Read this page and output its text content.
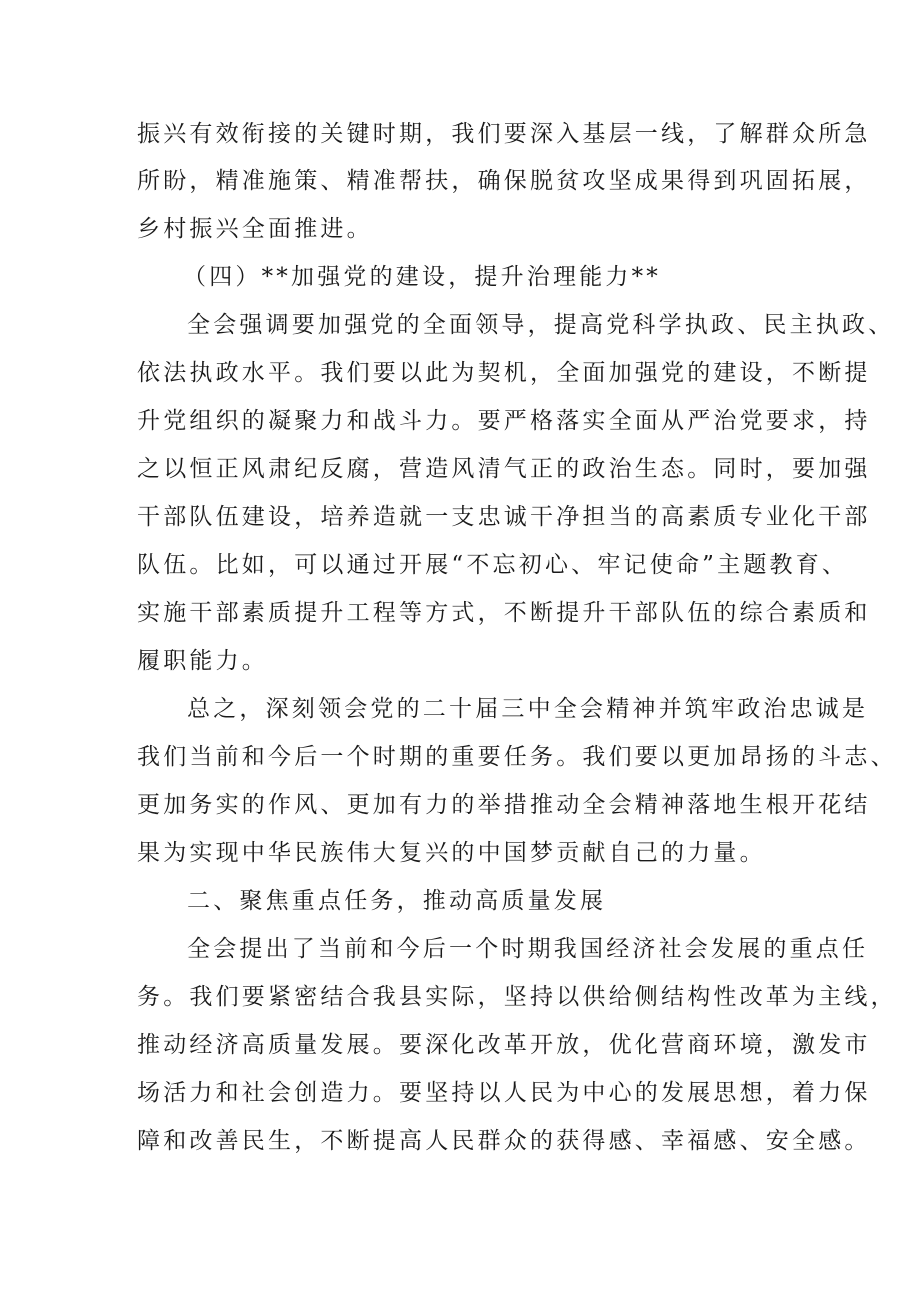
振兴有效衔接的关键时期，我们要深入基层一线，了解群众所急
所盼，精准施策、精准帮扶，确保脱贫攻坚成果得到巩固拓展，
乡村振兴全面推进。
（四）**加强党的建设，提升治理能力**
全会强调要加强党的全面领导，提高党科学执政、民主执政、
依法执政水平。我们要以此为契机，全面加强党的建设，不断提
升党组织的凝聚力和战斗力。要严格落实全面从严治党要求，持
之以恒正风肃纪反腐，营造风清气正的政治生态。同时，要加强
干部队伍建设，培养造就一支忠诚干净担当的高素质专业化干部
队伍。比如，可以通过开展“不忘初心、牢记使命”主题教育、
实施干部素质提升工程等方式，不断提升干部队伍的综合素质和
履职能力。
总之，深刻领会党的二十届三中全会精神并筑牢政治忠诚是
我们当前和今后一个时期的重要任务。我们要以更加昂扬的斗志、
更加务实的作风、更加有力的举措推动全会精神落地生根开花结
果为实现中华民族伟大复兴的中国梦贡献自己的力量。
二、聚焦重点任务，推动高质量发展
全会提出了当前和今后一个时期我国经济社会发展的重点任
务。我们要紧密结合我县实际，坚持以供给侧结构性改革为主线，
推动经济高质量发展。要深化改革开放，优化营商环境，激发市
场活力和社会创造力。要坚持以人民为中心的发展思想，着力保
障和改善民生，不断提高人民群众的获得感、幸福感、安全感。
